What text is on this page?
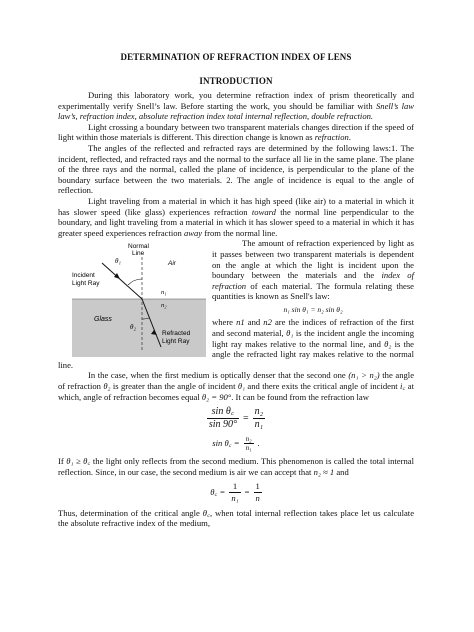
DETERMINATION OF REFRACTION INDEX OF LENS
INTRODUCTION

During this laboratory work, you determine refraction index of prism theoretically and experimentally verify Snell’s law. Before starting the work, you should be familiar with Snell’s law law’s, refraction index, absolute refraction index total internal reflection, double refraction.

Light crossing a boundary between two transparent materials changes direction if the speed of light within those materials is different. This direction change is known as refraction.

The angles of the reflected and refracted rays are determined by the following laws:1. The incident, reflected, and refracted rays and the normal to the surface all lie in the same plane. The plane of the three rays and the normal, called the plane of incidence, is perpendicular to the plane of the boundary surface between the two materials. 2. The angle of incidence is equal to the angle of reflection.

Light traveling from a material in which it has high speed (like air) to a material in which it has slower speed (like glass) experiences refraction toward the normal line perpendicular to the boundary, and light traveling from a material in which it has slower speed to a material in which it has greater speed experiences refraction away from the normal line.

Normal
Line
θ₁	Air
Incident
Light Ray
n₁
n₂
Glass
θ₂
Refracted
Light Ray

The amount of refraction experienced by light as it passes between two transparent materials is dependent on the angle at which the light is incident upon the boundary between the materials and the index of refraction of each material. The formula relating these quantities is known as Snell's law:

n₁ sin θ₁ = n₂ sin θ₂

where n1 and n2 are the indices of refraction of the first and second material, θ₁ is the incident angle the incoming light ray makes relative to the normal line, and θ₂ is the angle the refracted light ray makes relative to the normal line.

In the case, when the first medium is optically denser that the second one (n₁ > n₂) the angle of refraction θ₂ is greater than the angle of incident θ₁ and there exits the critical angle of incident i꜀ at which, angle of refraction becomes equal θ₂ = 90°. It can be found from the refraction law

$\frac{\text{sin θ꜀}}{\sin 90^\circ} = \frac{\text{n₂}}{\text{n₁}}$
sin θ꜀ = $\frac{\text{n₂}}{\text{n₁}}$ .

If θ₁ ≥ θ꜀ the light only reflects from the second medium. This phenomenon is called the total internal reflection. Since, in our case, the second medium is air we can accept that n₂ ≈ 1 and

θ꜀ = $\frac{1}{\text{n₁}} = \frac{1}{n}$

Thus, determination of the critical angle θ꜀, when total internal reflection takes place let us calculate the absolute refractive index of the medium,
